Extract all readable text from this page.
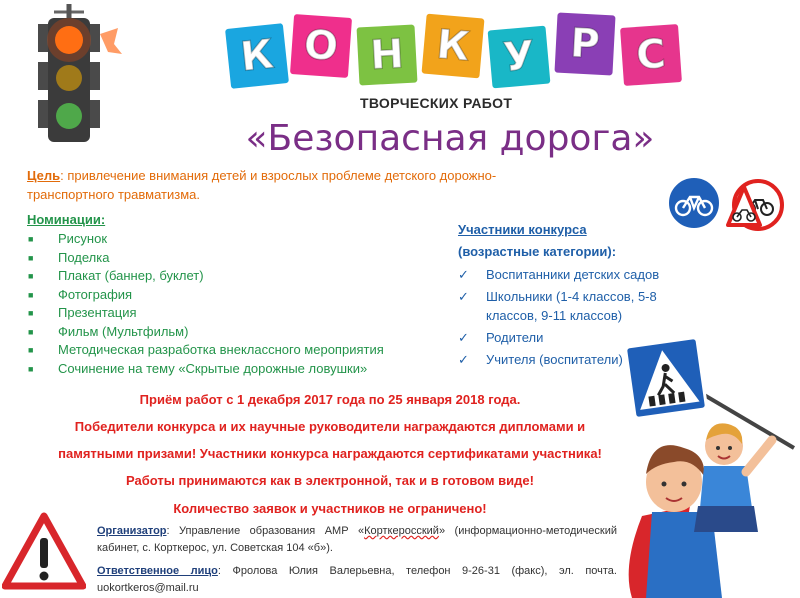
К О Н К У Р С
ТВОРЧЕСКИХ РАБОТ
«Безопасная дорога»
Цель: привлечение внимания детей и взрослых проблеме детского дорожно-транспортного травматизма.
Номинации:
■	Рисунок
■	Поделка
■	Плакат (баннер, буклет)
■	Фотография
■	Презентация
■	Фильм (Мультфильм)
■	Методическая разработка внеклассного мероприятия
■	Сочинение на тему «Скрытые дорожные ловушки»
Участники конкурса
(возрастные категории):
✓	Воспитанники детских садов
✓	Школьники (1-4 классов, 5-8 классов, 9-11 классов)
✓	Родители
✓	Учителя (воспитатели)
Приём работ с 1 декабря 2017 года по 25 января 2018 года.
Победители конкурса и их научные руководители награждаются дипломами и
памятными призами! Участники конкурса награждаются сертификатами участника!
Работы принимаются как в электронной, так и в готовом виде!
Количество заявок и участников не ограничено!
Организатор: Управление образования АМР «Корткеросский» (информационно-методический кабинет, с. Корткерос, ул. Советская 104 «б»).
Ответственное лицо: Фролова Юлия Валерьевна, телефон 9-26-31 (факс), эл. почта. uokortkeros@mail.ru
